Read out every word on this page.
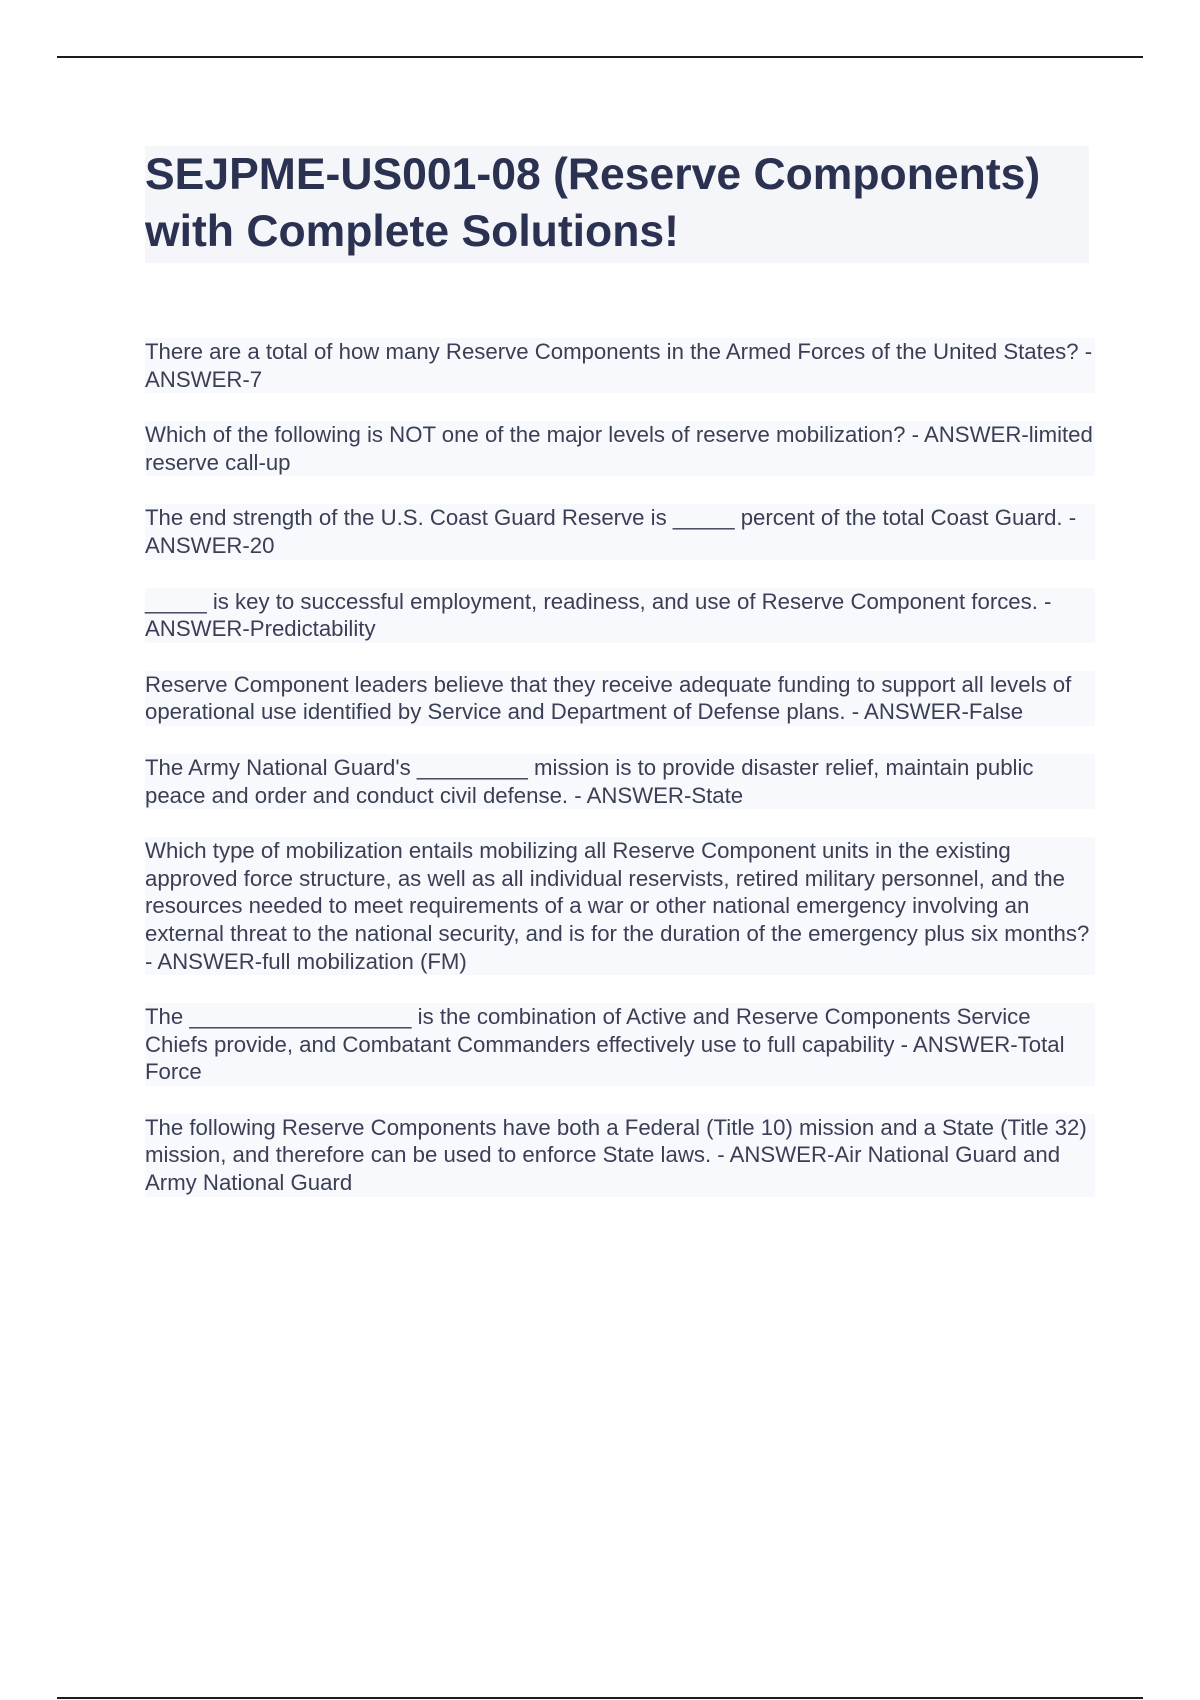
SEJPME-US001-08 (Reserve Components) with Complete Solutions!
There are a total of how many Reserve Components in the Armed Forces of the United States? - ANSWER-7
Which of the following is NOT one of the major levels of reserve mobilization? - ANSWER-limited reserve call-up
The end strength of the U.S. Coast Guard Reserve is _____ percent of the total Coast Guard. - ANSWER-20
_____ is key to successful employment, readiness, and use of Reserve Component forces. - ANSWER-Predictability
Reserve Component leaders believe that they receive adequate funding to support all levels of operational use identified by Service and Department of Defense plans. - ANSWER-False
The Army National Guard's _________ mission is to provide disaster relief, maintain public peace and order and conduct civil defense. - ANSWER-State
Which type of mobilization entails mobilizing all Reserve Component units in the existing approved force structure, as well as all individual reservists, retired military personnel, and the resources needed to meet requirements of a war or other national emergency involving an external threat to the national security, and is for the duration of the emergency plus six months? - ANSWER-full mobilization (FM)
The __________________ is the combination of Active and Reserve Components Service Chiefs provide, and Combatant Commanders effectively use to full capability - ANSWER-Total Force
The following Reserve Components have both a Federal (Title 10) mission and a State (Title 32) mission, and therefore can be used to enforce State laws. - ANSWER-Air National Guard and Army National Guard
